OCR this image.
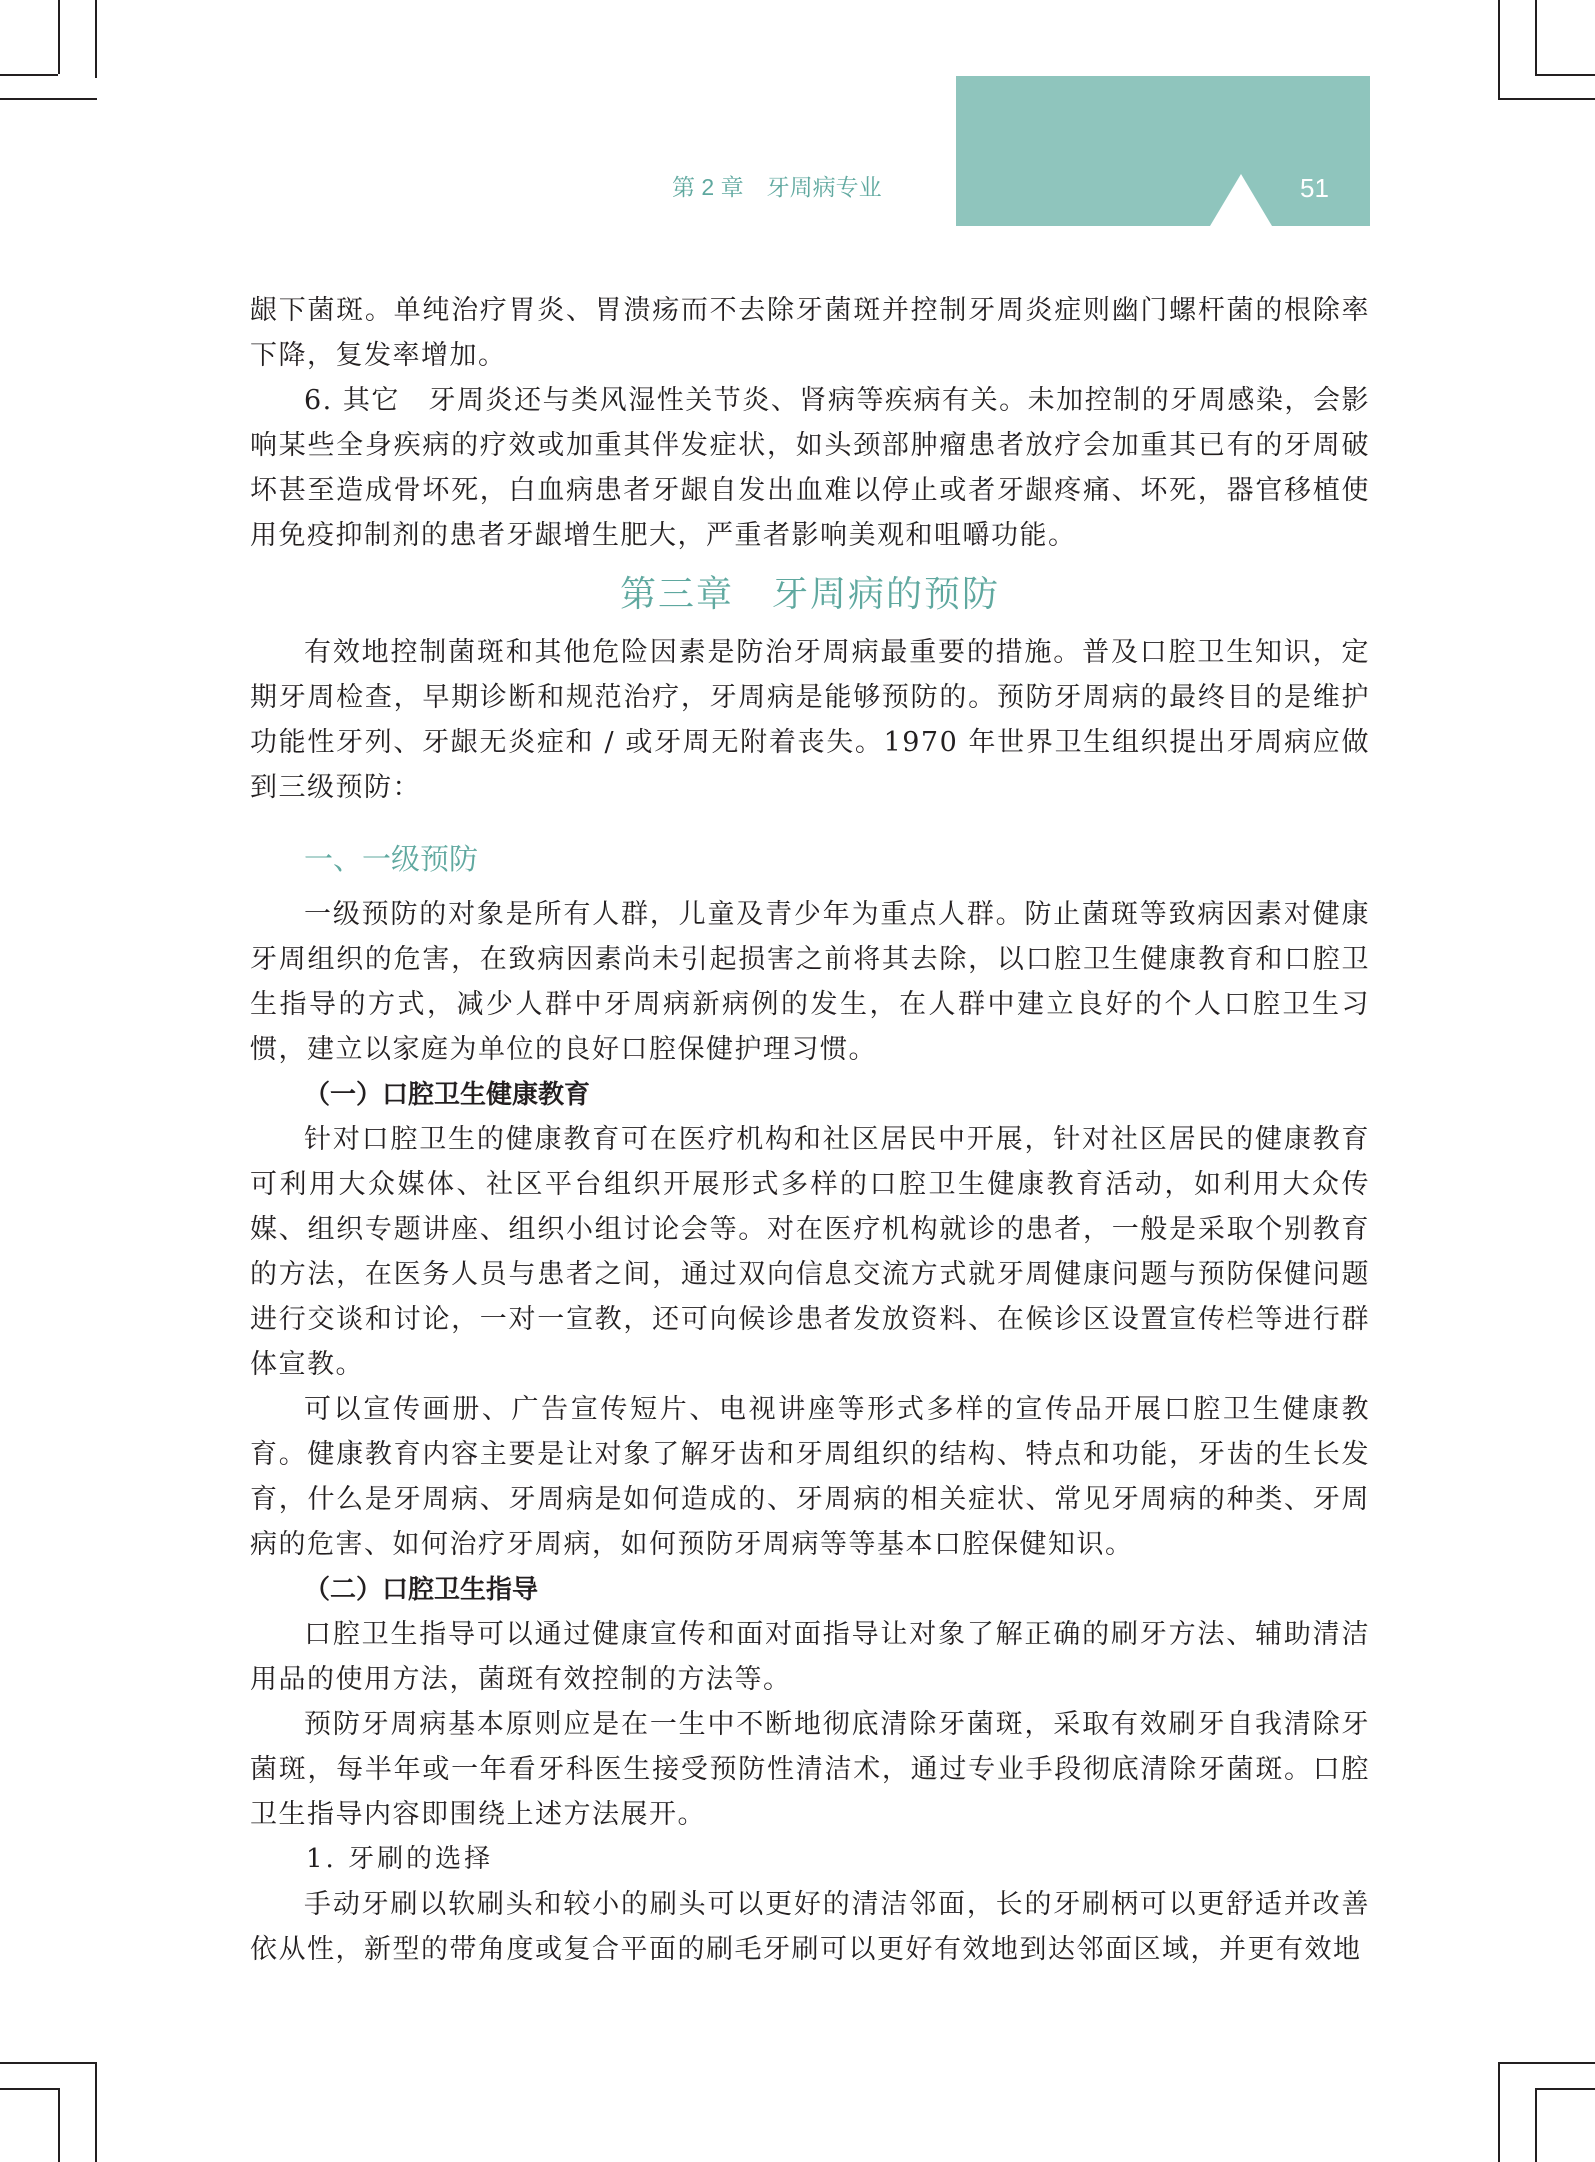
第 2 章　牙周病专业	51

龈下菌斑。单纯治疗胃炎、胃溃疡而不去除牙菌斑并控制牙周炎症则幽门螺杆菌的根除率下降，复发率增加。

6. 其它　牙周炎还与类风湿性关节炎、肾病等疾病有关。未加控制的牙周感染，会影响某些全身疾病的疗效或加重其伴发症状，如头颈部肿瘤患者放疗会加重其已有的牙周破坏甚至造成骨坏死，白血病患者牙龈自发出血难以停止或者牙龈疼痛、坏死，器官移植使用免疫抑制剂的患者牙龈增生肥大，严重者影响美观和咀嚼功能。

第三章　牙周病的预防

有效地控制菌斑和其他危险因素是防治牙周病最重要的措施。普及口腔卫生知识，定期牙周检查，早期诊断和规范治疗，牙周病是能够预防的。预防牙周病的最终目的是维护功能性牙列、牙龈无炎症和 / 或牙周无附着丧失。1970 年世界卫生组织提出牙周病应做到三级预防：

一、一级预防

一级预防的对象是所有人群，儿童及青少年为重点人群。防止菌斑等致病因素对健康牙周组织的危害，在致病因素尚未引起损害之前将其去除，以口腔卫生健康教育和口腔卫生指导的方式，减少人群中牙周病新病例的发生，在人群中建立良好的个人口腔卫生习惯，建立以家庭为单位的良好口腔保健护理习惯。

（一）口腔卫生健康教育

针对口腔卫生的健康教育可在医疗机构和社区居民中开展，针对社区居民的健康教育可利用大众媒体、社区平台组织开展形式多样的口腔卫生健康教育活动，如利用大众传媒、组织专题讲座、组织小组讨论会等。对在医疗机构就诊的患者，一般是采取个别教育的方法，在医务人员与患者之间，通过双向信息交流方式就牙周健康问题与预防保健问题进行交谈和讨论，一对一宣教，还可向候诊患者发放资料、在候诊区设置宣传栏等进行群体宣教。

可以宣传画册、广告宣传短片、电视讲座等形式多样的宣传品开展口腔卫生健康教育。健康教育内容主要是让对象了解牙齿和牙周组织的结构、特点和功能，牙齿的生长发育，什么是牙周病、牙周病是如何造成的、牙周病的相关症状、常见牙周病的种类、牙周病的危害、如何治疗牙周病，如何预防牙周病等等基本口腔保健知识。

（二）口腔卫生指导

口腔卫生指导可以通过健康宣传和面对面指导让对象了解正确的刷牙方法、辅助清洁用品的使用方法，菌斑有效控制的方法等。

预防牙周病基本原则应是在一生中不断地彻底清除牙菌斑，采取有效刷牙自我清除牙菌斑，每半年或一年看牙科医生接受预防性清洁术，通过专业手段彻底清除牙菌斑。口腔卫生指导内容即围绕上述方法展开。

1. 牙刷的选择

手动牙刷以软刷头和较小的刷头可以更好的清洁邻面，长的牙刷柄可以更舒适并改善依从性，新型的带角度或复合平面的刷毛牙刷可以更好有效地到达邻面区域，并更有效地
